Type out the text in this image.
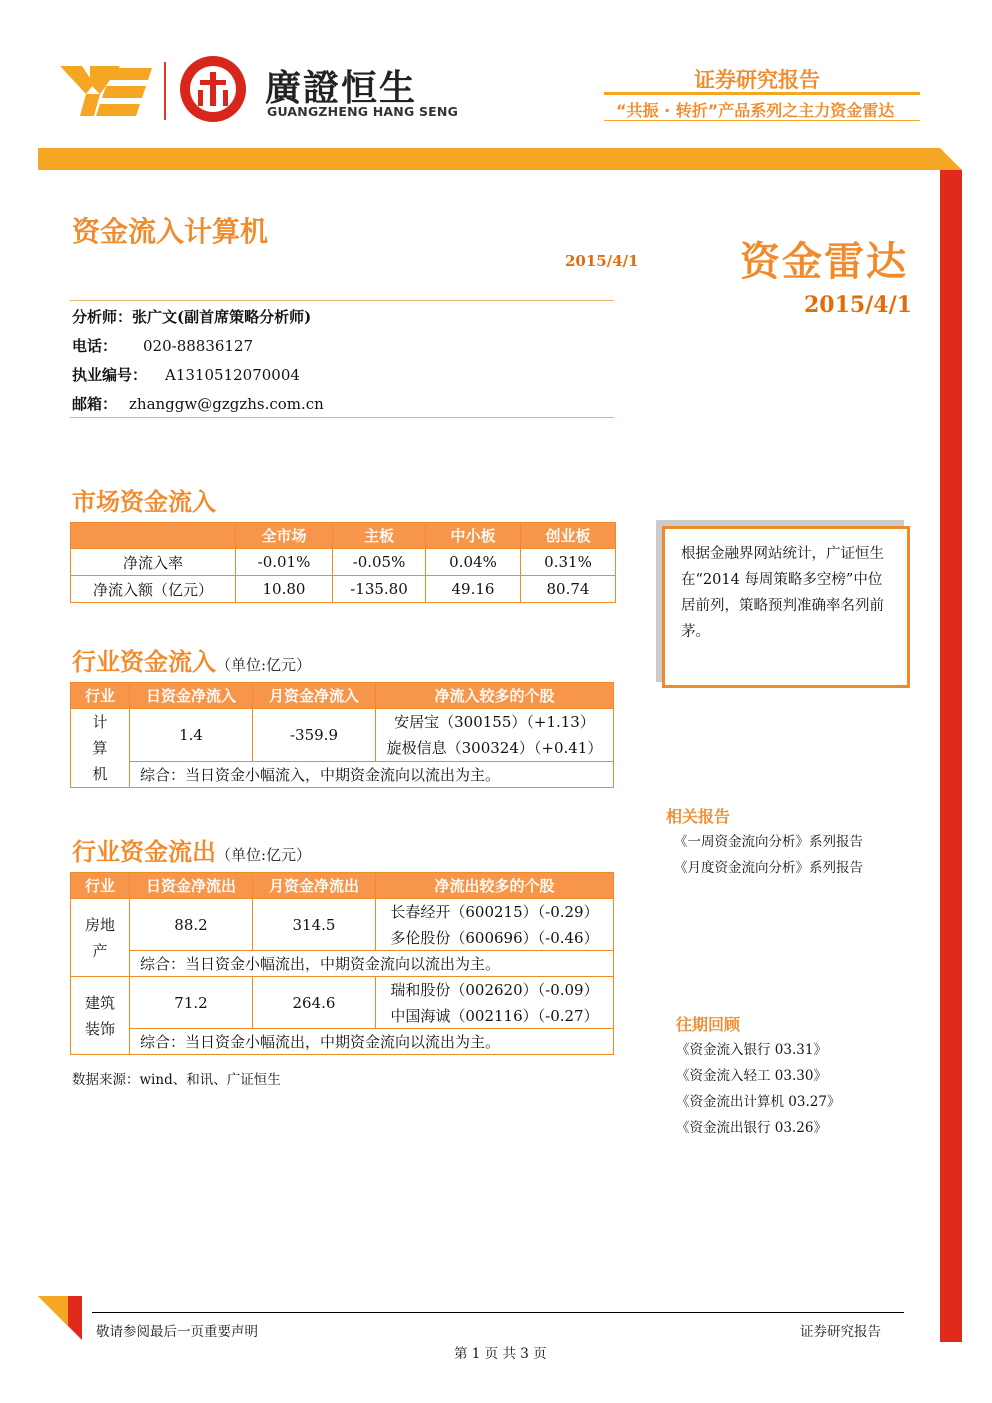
廣證恒生
GUANGZHENG HANG SENG
证券研究报告
“共振 · 转折”产品系列之主力资金雷达
资金流入计算机
2015/4/1	资金雷达
2015/4/1
分析师：张广文(副首席策略分析师)
电话： 020-88836127
执业编号： A1310512070004
邮箱： zhanggw@gzgzhs.com.cn
市场资金流入
	全市场	主板	中小板	创业板
净流入率	-0.01%	-0.05%	0.04%	0.31%
净流入额（亿元）	10.80	-135.80	49.16	80.74
行业资金流入（单位:亿元）
行业	日资金净流入	月资金净流入	净流入较多的个股
计算机	1.4	-359.9	安居宝（300155）（+1.13）
			旋极信息（300324）（+0.41）
	综合：当日资金小幅流入，中期资金流向以流出为主。		
行业资金流出（单位:亿元）
行业	日资金净流出	月资金净流出	净流出较多的个股
房地产	88.2	314.5	长春经开（600215）（-0.29）
			多伦股份（600696）（-0.46）
	综合：当日资金小幅流出，中期资金流向以流出为主。		
建筑装饰	71.2	264.6	瑞和股份（002620）（-0.09）
			中国海诚（002116）（-0.27）
	综合：当日资金小幅流出，中期资金流向以流出为主。		
数据来源：wind、和讯、广证恒生
根据金融界网站统计，广证恒生在“2014 每周策略多空榜”中位居前列，策略预判准确率名列前茅。
相关报告
《一周资金流向分析》系列报告
《月度资金流向分析》系列报告
往期回顾
《资金流入银行 03.31》
《资金流入轻工 03.30》
《资金流出计算机 03.27》
《资金流出银行 03.26》
敬请参阅最后一页重要声明	证券研究报告
第 1 页 共 3 页
